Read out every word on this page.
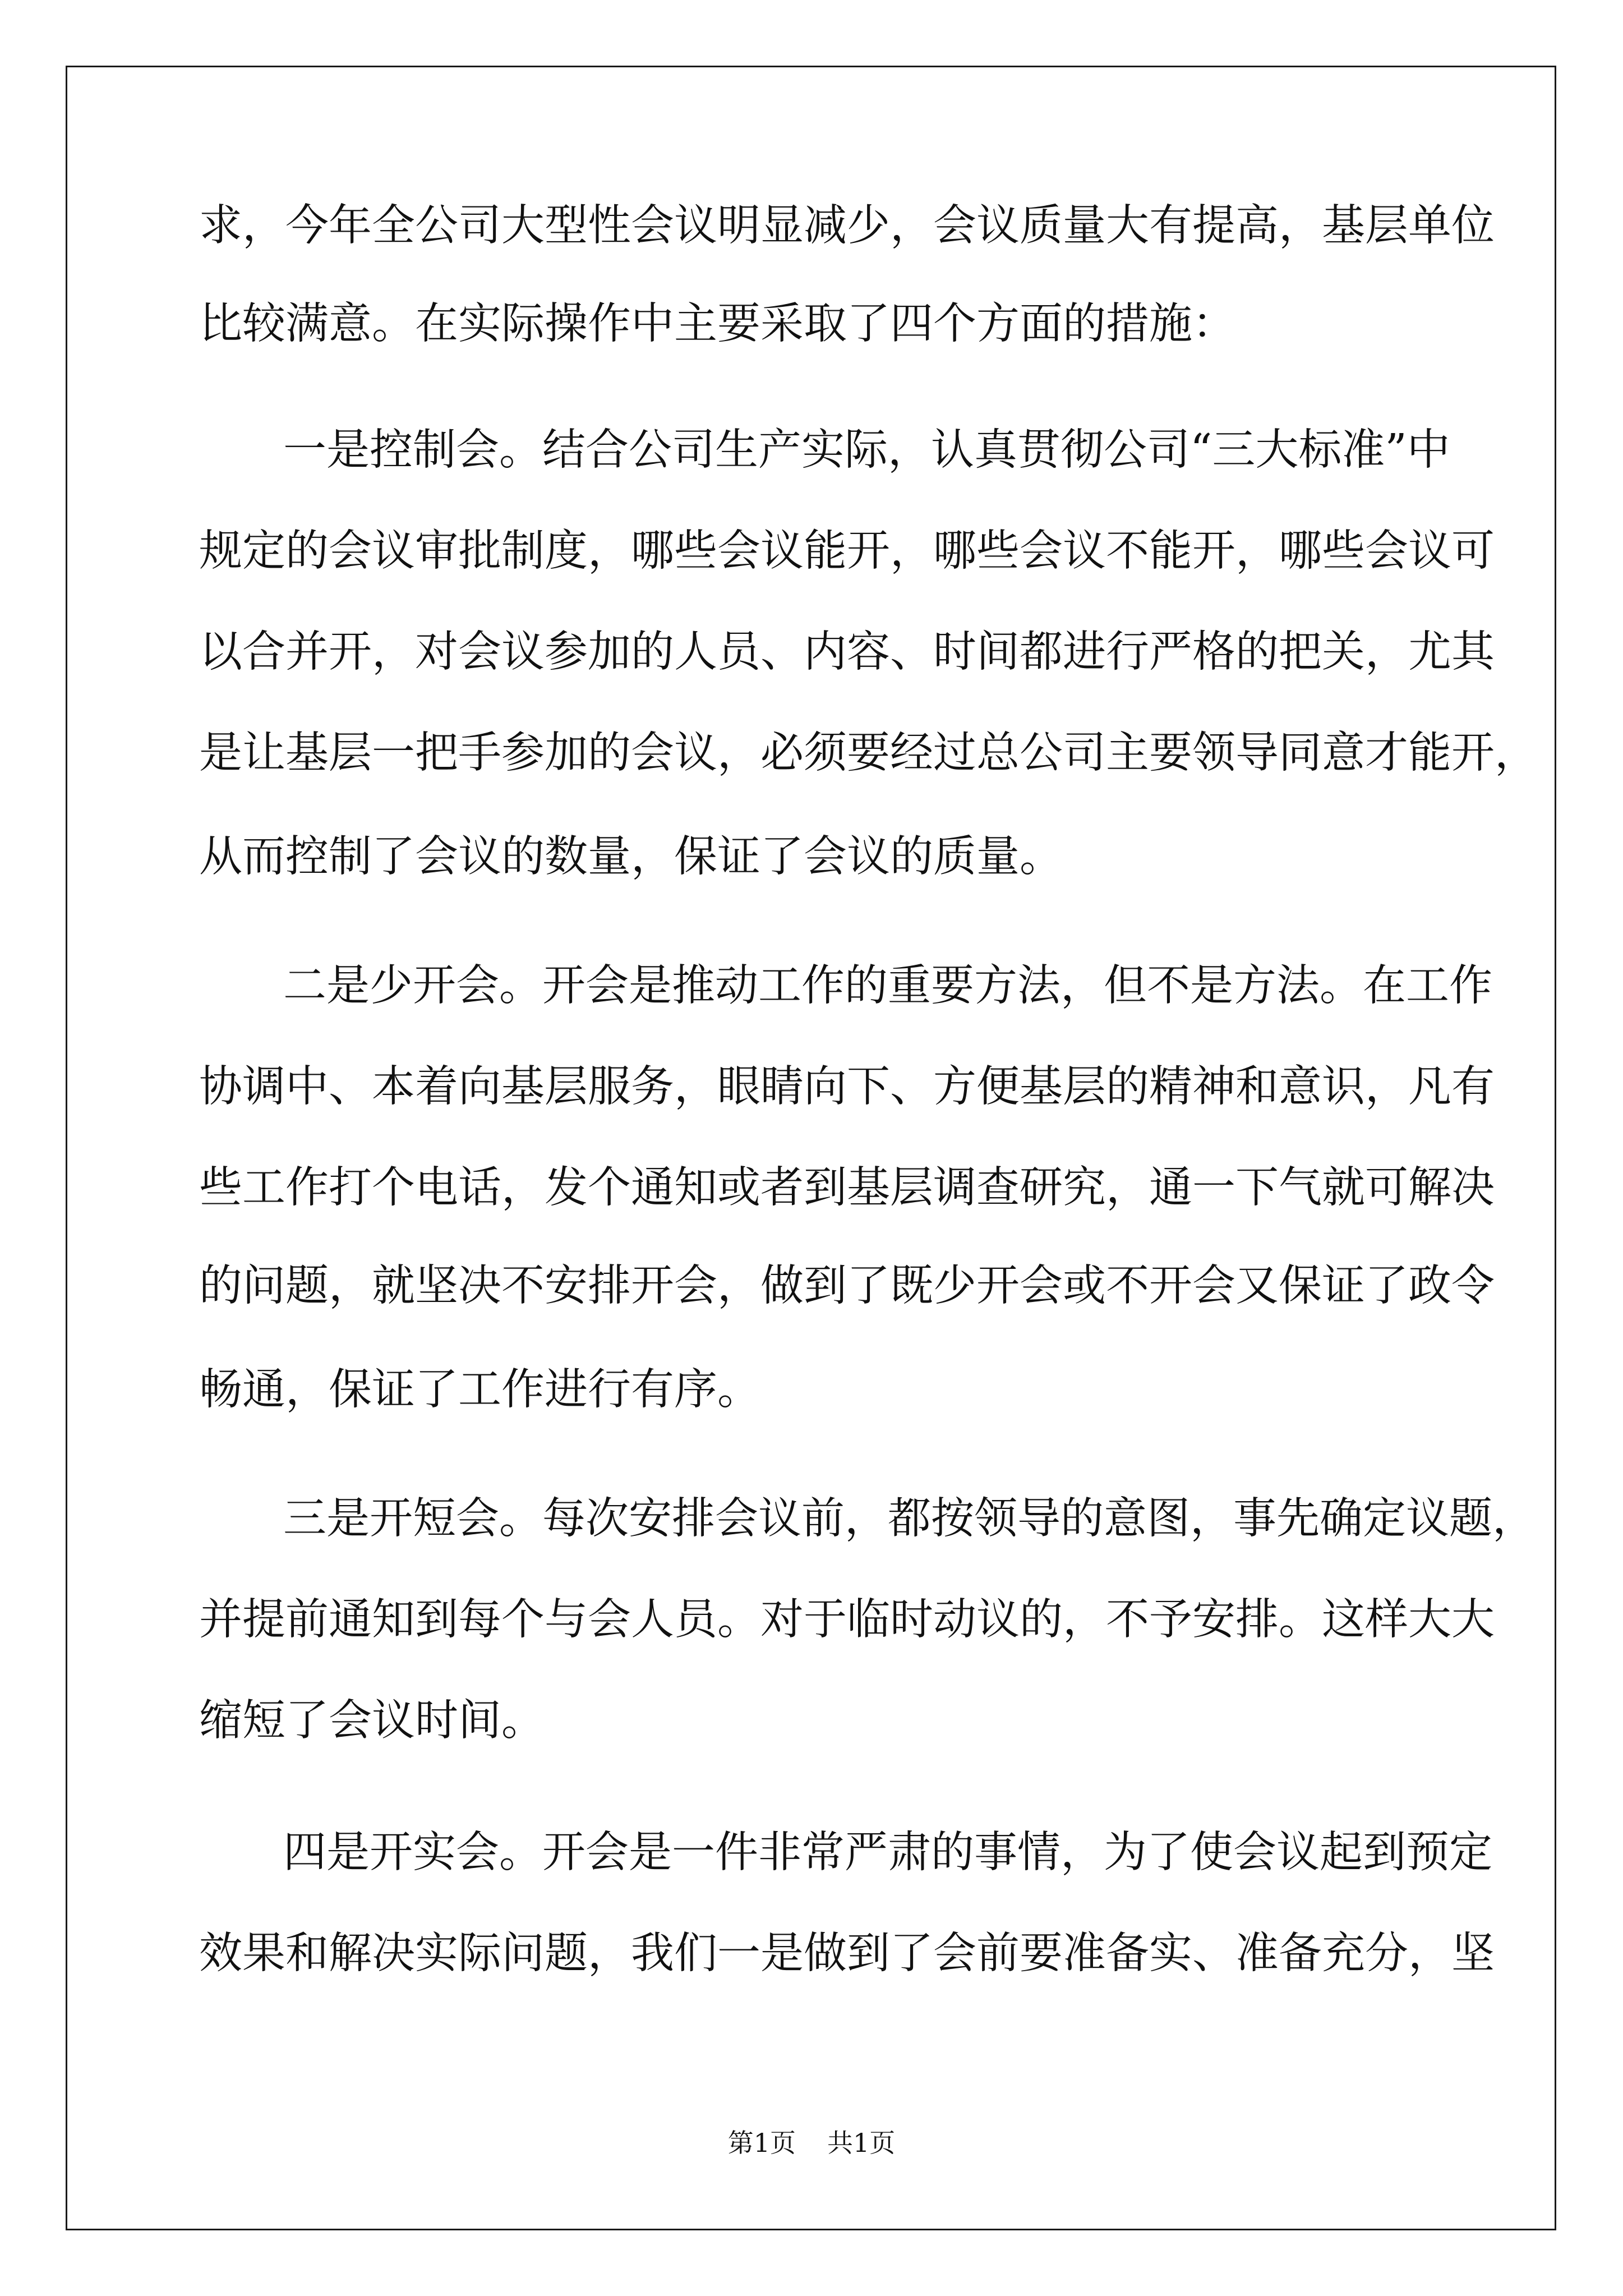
求，今年全公司大型性会议明显减少，会议质量大有提高，基层单位
比较满意。在实际操作中主要采取了四个方面的措施：
一是控制会。结合公司生产实际，认真贯彻公司“三大标准”中
规定的会议审批制度，哪些会议能开，哪些会议不能开，哪些会议可
以合并开，对会议参加的人员、内容、时间都进行严格的把关，尤其
是让基层一把手参加的会议，必须要经过总公司主要领导同意才能开，
从而控制了会议的数量，保证了会议的质量。
二是少开会。开会是推动工作的重要方法，但不是方法。在工作
协调中、本着向基层服务，眼睛向下、方便基层的精神和意识，凡有
些工作打个电话，发个通知或者到基层调查研究，通一下气就可解决
的问题，就坚决不安排开会，做到了既少开会或不开会又保证了政令
畅通，保证了工作进行有序。
三是开短会。每次安排会议前，都按领导的意图，事先确定议题，
并提前通知到每个与会人员。对于临时动议的，不予安排。这样大大
缩短了会议时间。
四是开实会。开会是一件非常严肃的事情，为了使会议起到预定
效果和解决实际问题，我们一是做到了会前要准备实、准备充分，坚
第1页 共1页
